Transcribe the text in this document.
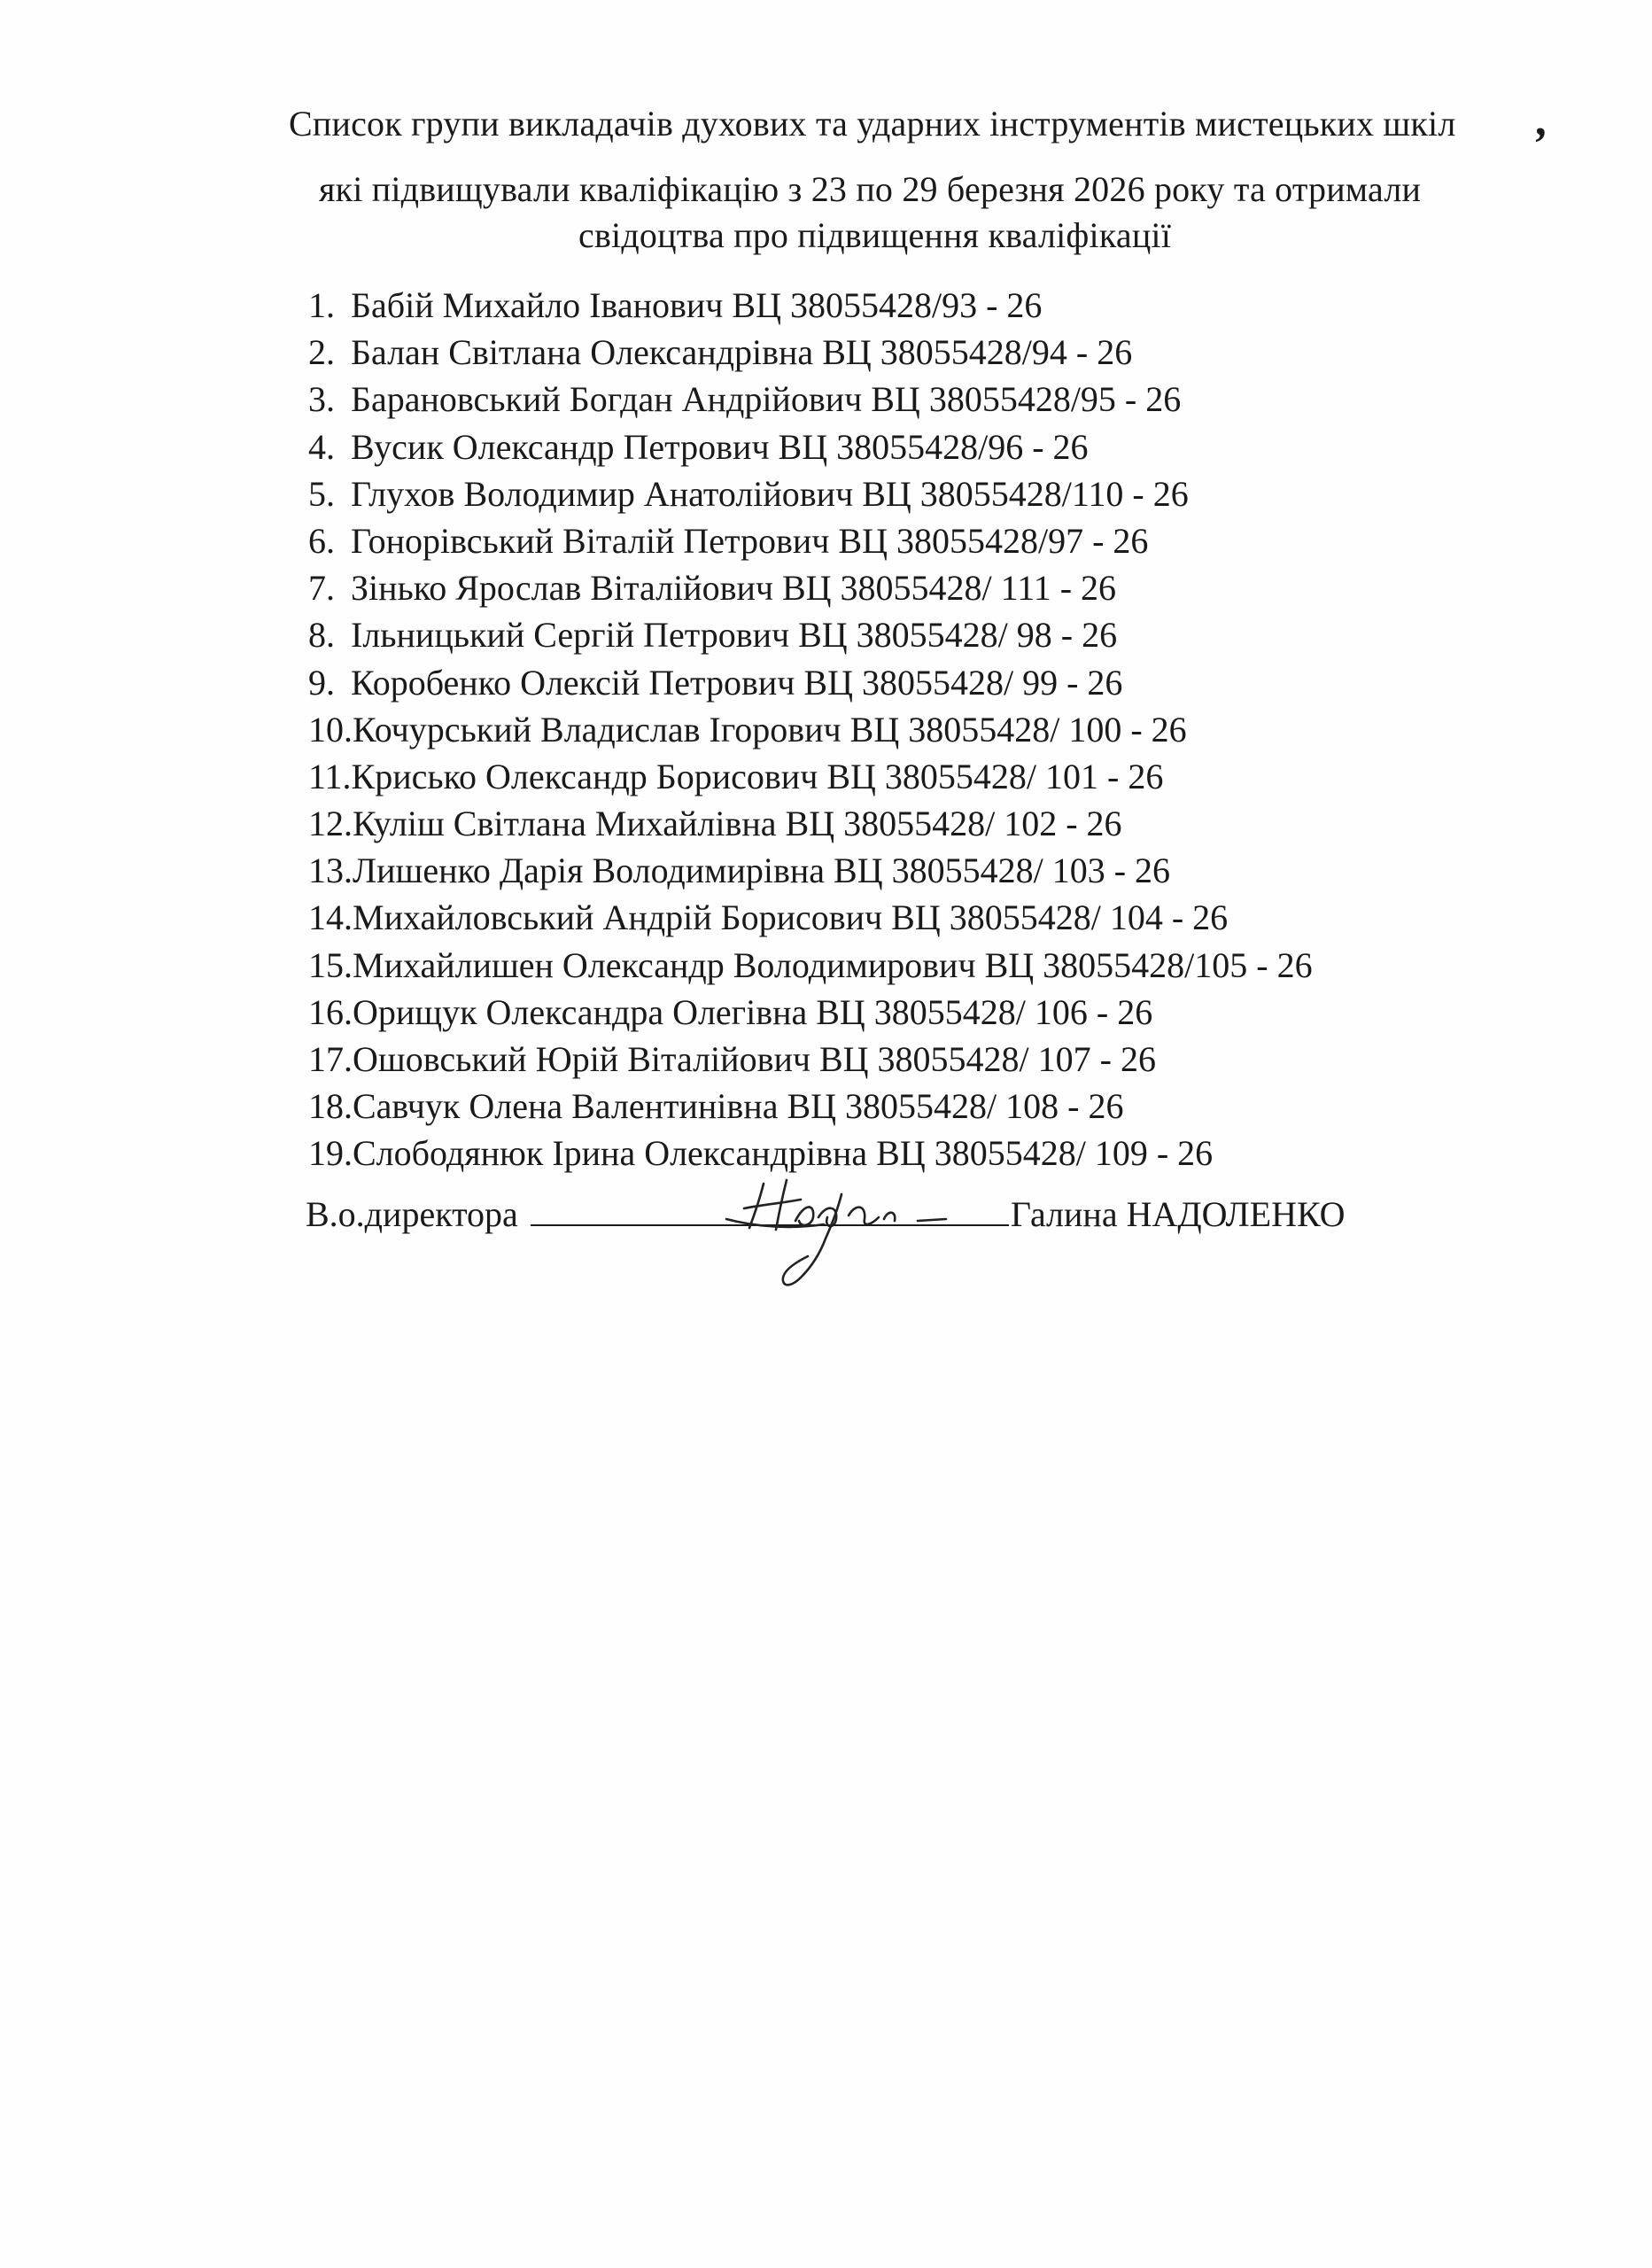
Список групи викладачів духових та ударних інструментів мистецьких шкіл ,
які підвищували кваліфікацію з 23 по 29 березня 2026 року та отримали
свідоцтва про підвищення кваліфікації
1. Бабій Михайло Іванович ВЦ 38055428/93 - 26
2. Балан Світлана Олександрівна ВЦ 38055428/94 - 26
3. Барановський Богдан Андрійович ВЦ 38055428/95 - 26
4. Вусик Олександр Петрович ВЦ 38055428/96 - 26
5. Глухов Володимир Анатолійович ВЦ 38055428/110 - 26
6. Гонорівський Віталій Петрович ВЦ 38055428/97 - 26
7. Зінько Ярослав Віталійович ВЦ 38055428/ 111 - 26
8. Ільницький Сергій Петрович ВЦ 38055428/ 98 - 26
9. Коробенко Олексій Петрович ВЦ 38055428/ 99 - 26
10.Кочурський Владислав Ігорович ВЦ 38055428/ 100 - 26
11.Крисько Олександр Борисович ВЦ 38055428/ 101 - 26
12.Куліш Світлана Михайлівна ВЦ 38055428/ 102 - 26
13.Лишенко Дарія Володимирівна ВЦ 38055428/ 103 - 26
14.Михайловський Андрій Борисович ВЦ 38055428/ 104 - 26
15.Михайлишен Олександр Володимирович ВЦ 38055428/105 - 26
16.Орищук Олександра Олегівна ВЦ 38055428/ 106 - 26
17.Ошовський Юрій Віталійович ВЦ 38055428/ 107 - 26
18.Савчук Олена Валентинівна ВЦ 38055428/ 108 - 26
19.Слободянюк Ірина Олександрівна ВЦ 38055428/ 109 - 26
В.о.директора	Галина НАДОЛЕНКО
